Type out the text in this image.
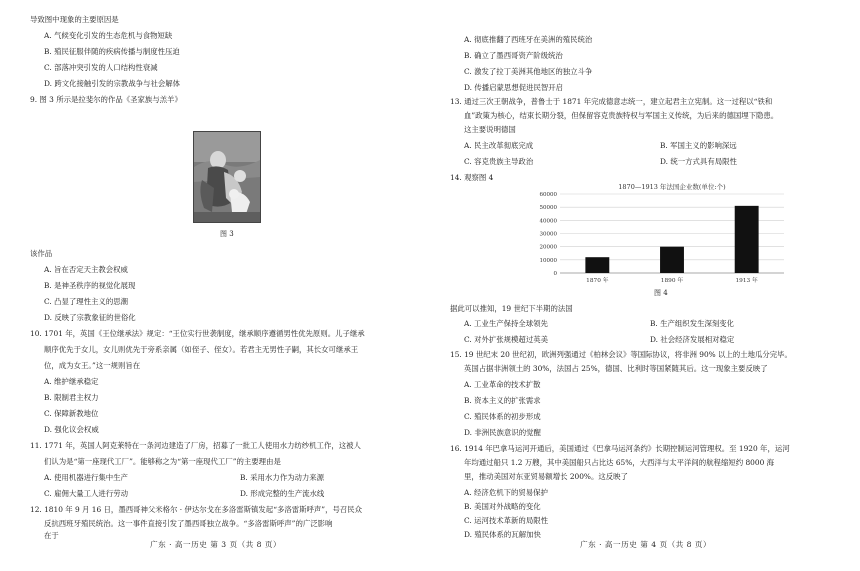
导致图中现象的主要原因是
A. 气候变化引发的生态危机与食物短缺
B. 殖民征服伴随的疾病传播与制度性压迫
C. 部落冲突引发的人口结构性衰减
D. 跨文化接触引发的宗教战争与社会解体
9. 图 3 所示是拉斐尔的作品《圣家族与羔羊》
图 3
该作品
A. 旨在否定天主教会权威
B. 是神圣秩序的视觉化展现
C. 凸显了理性主义的思潮
D. 反映了宗教象征的世俗化
10. 1701 年，英国《王位继承法》规定：“王位实行世袭制度，继承顺序遵循男性优先原则。儿子继承
顺序优先于女儿，女儿则优先于旁系亲属（如侄子、侄女）。若君主无男性子嗣，其长女可继承王
位，成为女王。”这一规则旨在
A. 维护继承稳定
B. 限制君主权力
C. 保障新教地位
D. 强化议会权威
11. 1771 年，英国人阿克莱特在一条河边建造了厂房，招募了一批工人使用水力纺纱机工作，这被人
们认为是“第一座现代工厂”。能够称之为“第一座现代工厂”的主要理由是
A. 使用机器进行集中生产	B. 采用水力作为动力来源
C. 雇佣大量工人进行劳动	D. 形成完整的生产流水线
12. 1810 年 9 月 16 日，墨西哥神父米格尔 · 伊达尔戈在多洛雷斯镇发起“多洛雷斯呼声”，号召民众
反抗西班牙殖民统治。这一事件直接引发了墨西哥独立战争。“多洛雷斯呼声”的广泛影响
在于
广东 · 高一历史 第 3 页（共 8 页）
A. 彻底推翻了西班牙在美洲的殖民统治
B. 确立了墨西哥资产阶级统治
C. 激发了拉丁美洲其他地区的独立斗争
D. 传播启蒙思想促进民智开启
13. 通过三次王朝战争，普鲁士于 1871 年完成德意志统一，建立起君主立宪制。这一过程以“铁和
血”政策为核心，结束长期分裂，但保留容克贵族特权与军国主义传统，为后来的德国埋下隐患。
这主要说明德国
A. 民主改革彻底完成	B. 军国主义的影响深远
C. 容克贵族主导政治	D. 统一方式具有局限性
14. 观察图 4
1870—1913 年法国企业数(单位:个)
60000
50000
40000
30000
20000
10000
0
1870 年	1890 年	1913 年
图 4
据此可以推知，19 世纪下半期的法国
A. 工业生产保持全球领先	B. 生产组织发生深刻变化
C. 对外扩张规模超过英美	D. 社会经济发展相对稳定
15. 19 世纪末 20 世纪初，欧洲列强通过《柏林会议》等国际协议，将非洲 90% 以上的土地瓜分完毕。
英国占据非洲领土的 30%，法国占 25%，德国、比利时等国紧随其后。这一现象主要反映了
A. 工业革命的技术扩散
B. 资本主义的扩张需求
C. 殖民体系的初步形成
D. 非洲民族意识的觉醒
16. 1914 年巴拿马运河开通后，美国通过《巴拿马运河条约》长期控制运河管理权。至 1920 年，运河
年均通过船只 1.2 万艘，其中美国船只占比达 65%，大西洋与太平洋间的航程缩短约 8000 海
里，推动美国对东亚贸易额增长 200%。这反映了
A. 经济危机下的贸易保护
B. 美国对外战略的变化
C. 运河技术革新的局限性
D. 殖民体系的瓦解加快
广东 · 高一历史 第 4 页（共 8 页）
